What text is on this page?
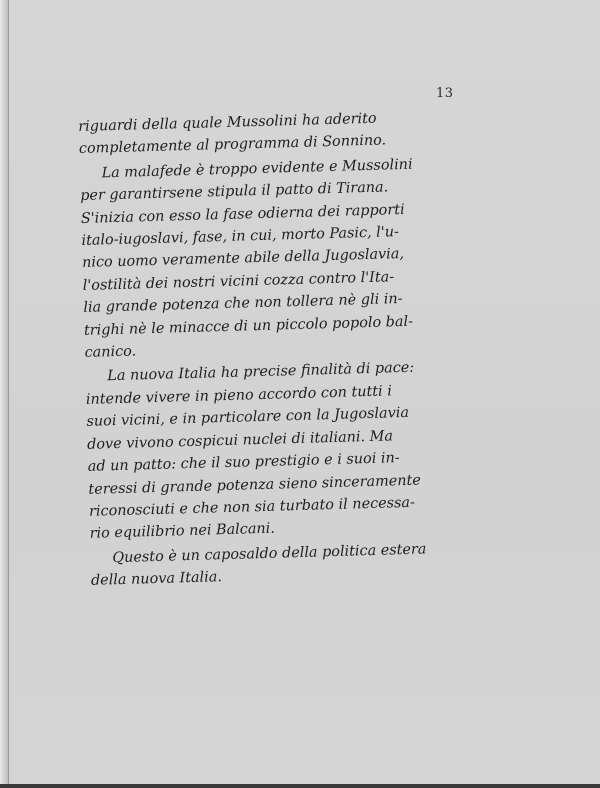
13
riguardi della quale Mussolini ha aderito
completamente al programma di Sonnino.
La malafede è troppo evidente e Mussolini
per garantirsene stipula il patto di Tirana.
S'inizia con esso la fase odierna dei rapporti
italo-iugoslavi, fase, in cui, morto Pasic, l'u-
nico uomo veramente abile della Jugoslavia,
l'ostilità dei nostri vicini cozza contro l'Ita-
lia grande potenza che non tollera nè gli in-
trighi nè le minacce di un piccolo popolo bal-
canico.
La nuova Italia ha precise finalità di pace:
intende vivere in pieno accordo con tutti i
suoi vicini, e in particolare con la Jugoslavia
dove vivono cospicui nuclei di italiani. Ma
ad un patto: che il suo prestigio e i suoi in-
teressi di grande potenza sieno sinceramente
riconosciuti e che non sia turbato il necessa-
rio equilibrio nei Balcani.
Questo è un caposaldo della politica estera
della nuova Italia.
